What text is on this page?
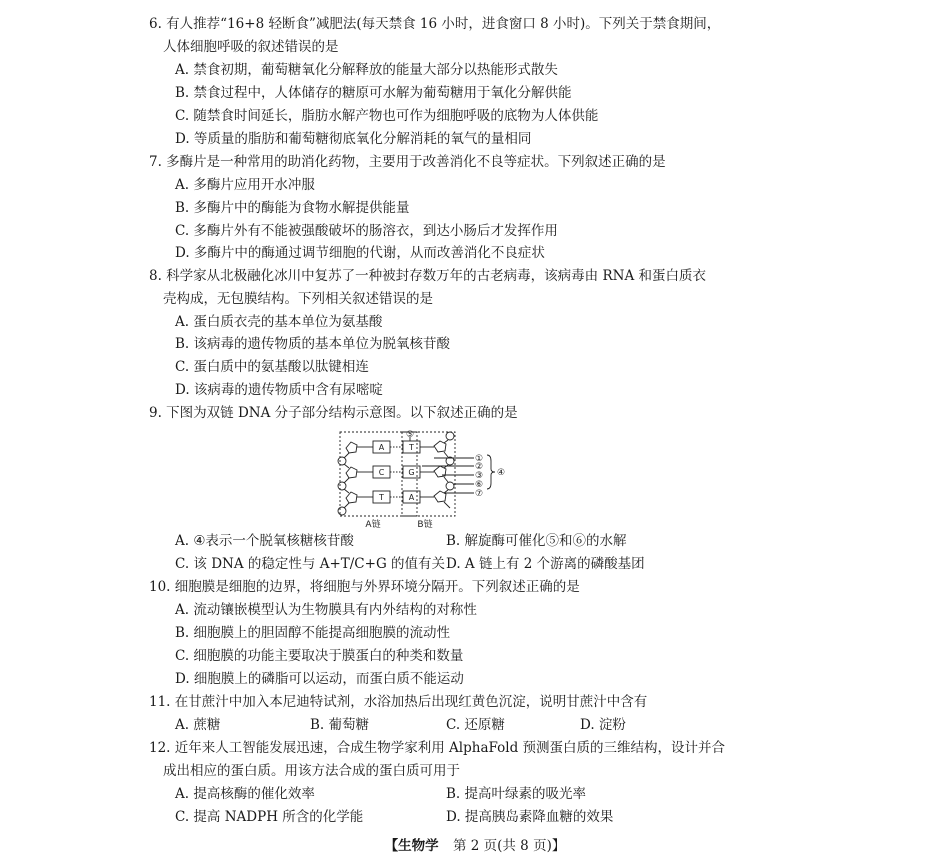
6. 有人推荐“16+8 轻断食”减肥法(每天禁食 16 小时，进食窗口 8 小时)。下列关于禁食期间，
人体细胞呼吸的叙述错误的是
A. 禁食初期，葡萄糖氧化分解释放的能量大部分以热能形式散失
B. 禁食过程中，人体储存的糖原可水解为葡萄糖用于氧化分解供能
C. 随禁食时间延长，脂肪水解产物也可作为细胞呼吸的底物为人体供能
D. 等质量的脂肪和葡萄糖彻底氧化分解消耗的氧气的量相同
7. 多酶片是一种常用的助消化药物，主要用于改善消化不良等症状。下列叙述正确的是
A. 多酶片应用开水冲服
B. 多酶片中的酶能为食物水解提供能量
C. 多酶片外有不能被强酸破坏的肠溶衣，到达小肠后才发挥作用
D. 多酶片中的酶通过调节细胞的代谢，从而改善消化不良症状
8. 科学家从北极融化冰川中复苏了一种被封存数万年的古老病毒，该病毒由 RNA 和蛋白质衣
壳构成，无包膜结构。下列相关叙述错误的是
A. 蛋白质衣壳的基本单位为氨基酸
B. 该病毒的遗传物质的基本单位为脱氧核苷酸
C. 蛋白质中的氨基酸以肽键相连
D. 该病毒的遗传物质中含有尿嘧啶
9. 下图为双链 DNA 分子部分结构示意图。以下叙述正确的是
A
C
T
T
G
A
⑤
①
②
③
⑥
⑦
④
A链	B链
A. ④表示一个脱氧核糖核苷酸	B. 解旋酶可催化⑤和⑥的水解
C. 该 DNA 的稳定性与 A+T/C+G 的值有关 D. A 链上有 2 个游离的磷酸基团
10. 细胞膜是细胞的边界，将细胞与外界环境分隔开。下列叙述正确的是
A. 流动镶嵌模型认为生物膜具有内外结构的对称性
B. 细胞膜上的胆固醇不能提高细胞膜的流动性
C. 细胞膜的功能主要取决于膜蛋白的种类和数量
D. 细胞膜上的磷脂可以运动，而蛋白质不能运动
11. 在甘蔗汁中加入本尼迪特试剂，水浴加热后出现红黄色沉淀，说明甘蔗汁中含有
A. 蔗糖	B. 葡萄糖	C. 还原糖	D. 淀粉
12. 近年来人工智能发展迅速，合成生物学家利用 AlphaFold 预测蛋白质的三维结构，设计并合
成出相应的蛋白质。用该方法合成的蛋白质可用于
A. 提高核酶的催化效率	B. 提高叶绿素的吸光率
C. 提高 NADPH 所含的化学能	D. 提高胰岛素降血糖的效果
【生物学 第 2 页(共 8 页)】
